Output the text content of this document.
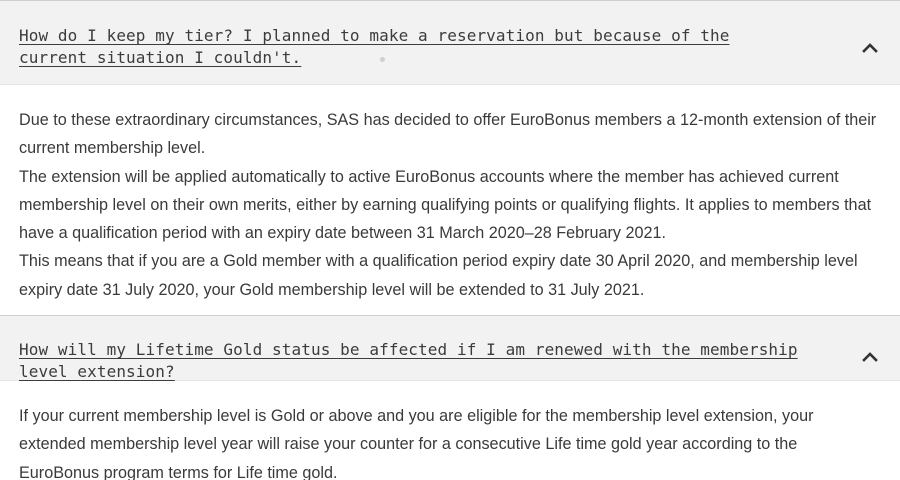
How do I keep my tier? I planned to make a reservation but because of the current situation I couldn't.

Due to these extraordinary circumstances, SAS has decided to offer EuroBonus members a 12-month extension of their current membership level.

The extension will be applied automatically to active EuroBonus accounts where the member has achieved current membership level on their own merits, either by earning qualifying points or qualifying flights. It applies to members that have a qualification period with an expiry date between 31 March 2020–28 February 2021.

This means that if you are a Gold member with a qualification period expiry date 30 April 2020, and membership level expiry date 31 July 2020, your Gold membership level will be extended to 31 July 2021.

How will my Lifetime Gold status be affected if I am renewed with the membership level extension?

If your current membership level is Gold or above and you are eligible for the membership level extension, your extended membership level year will raise your counter for a consecutive Life time gold year according to the EuroBonus program terms for Life time gold.
